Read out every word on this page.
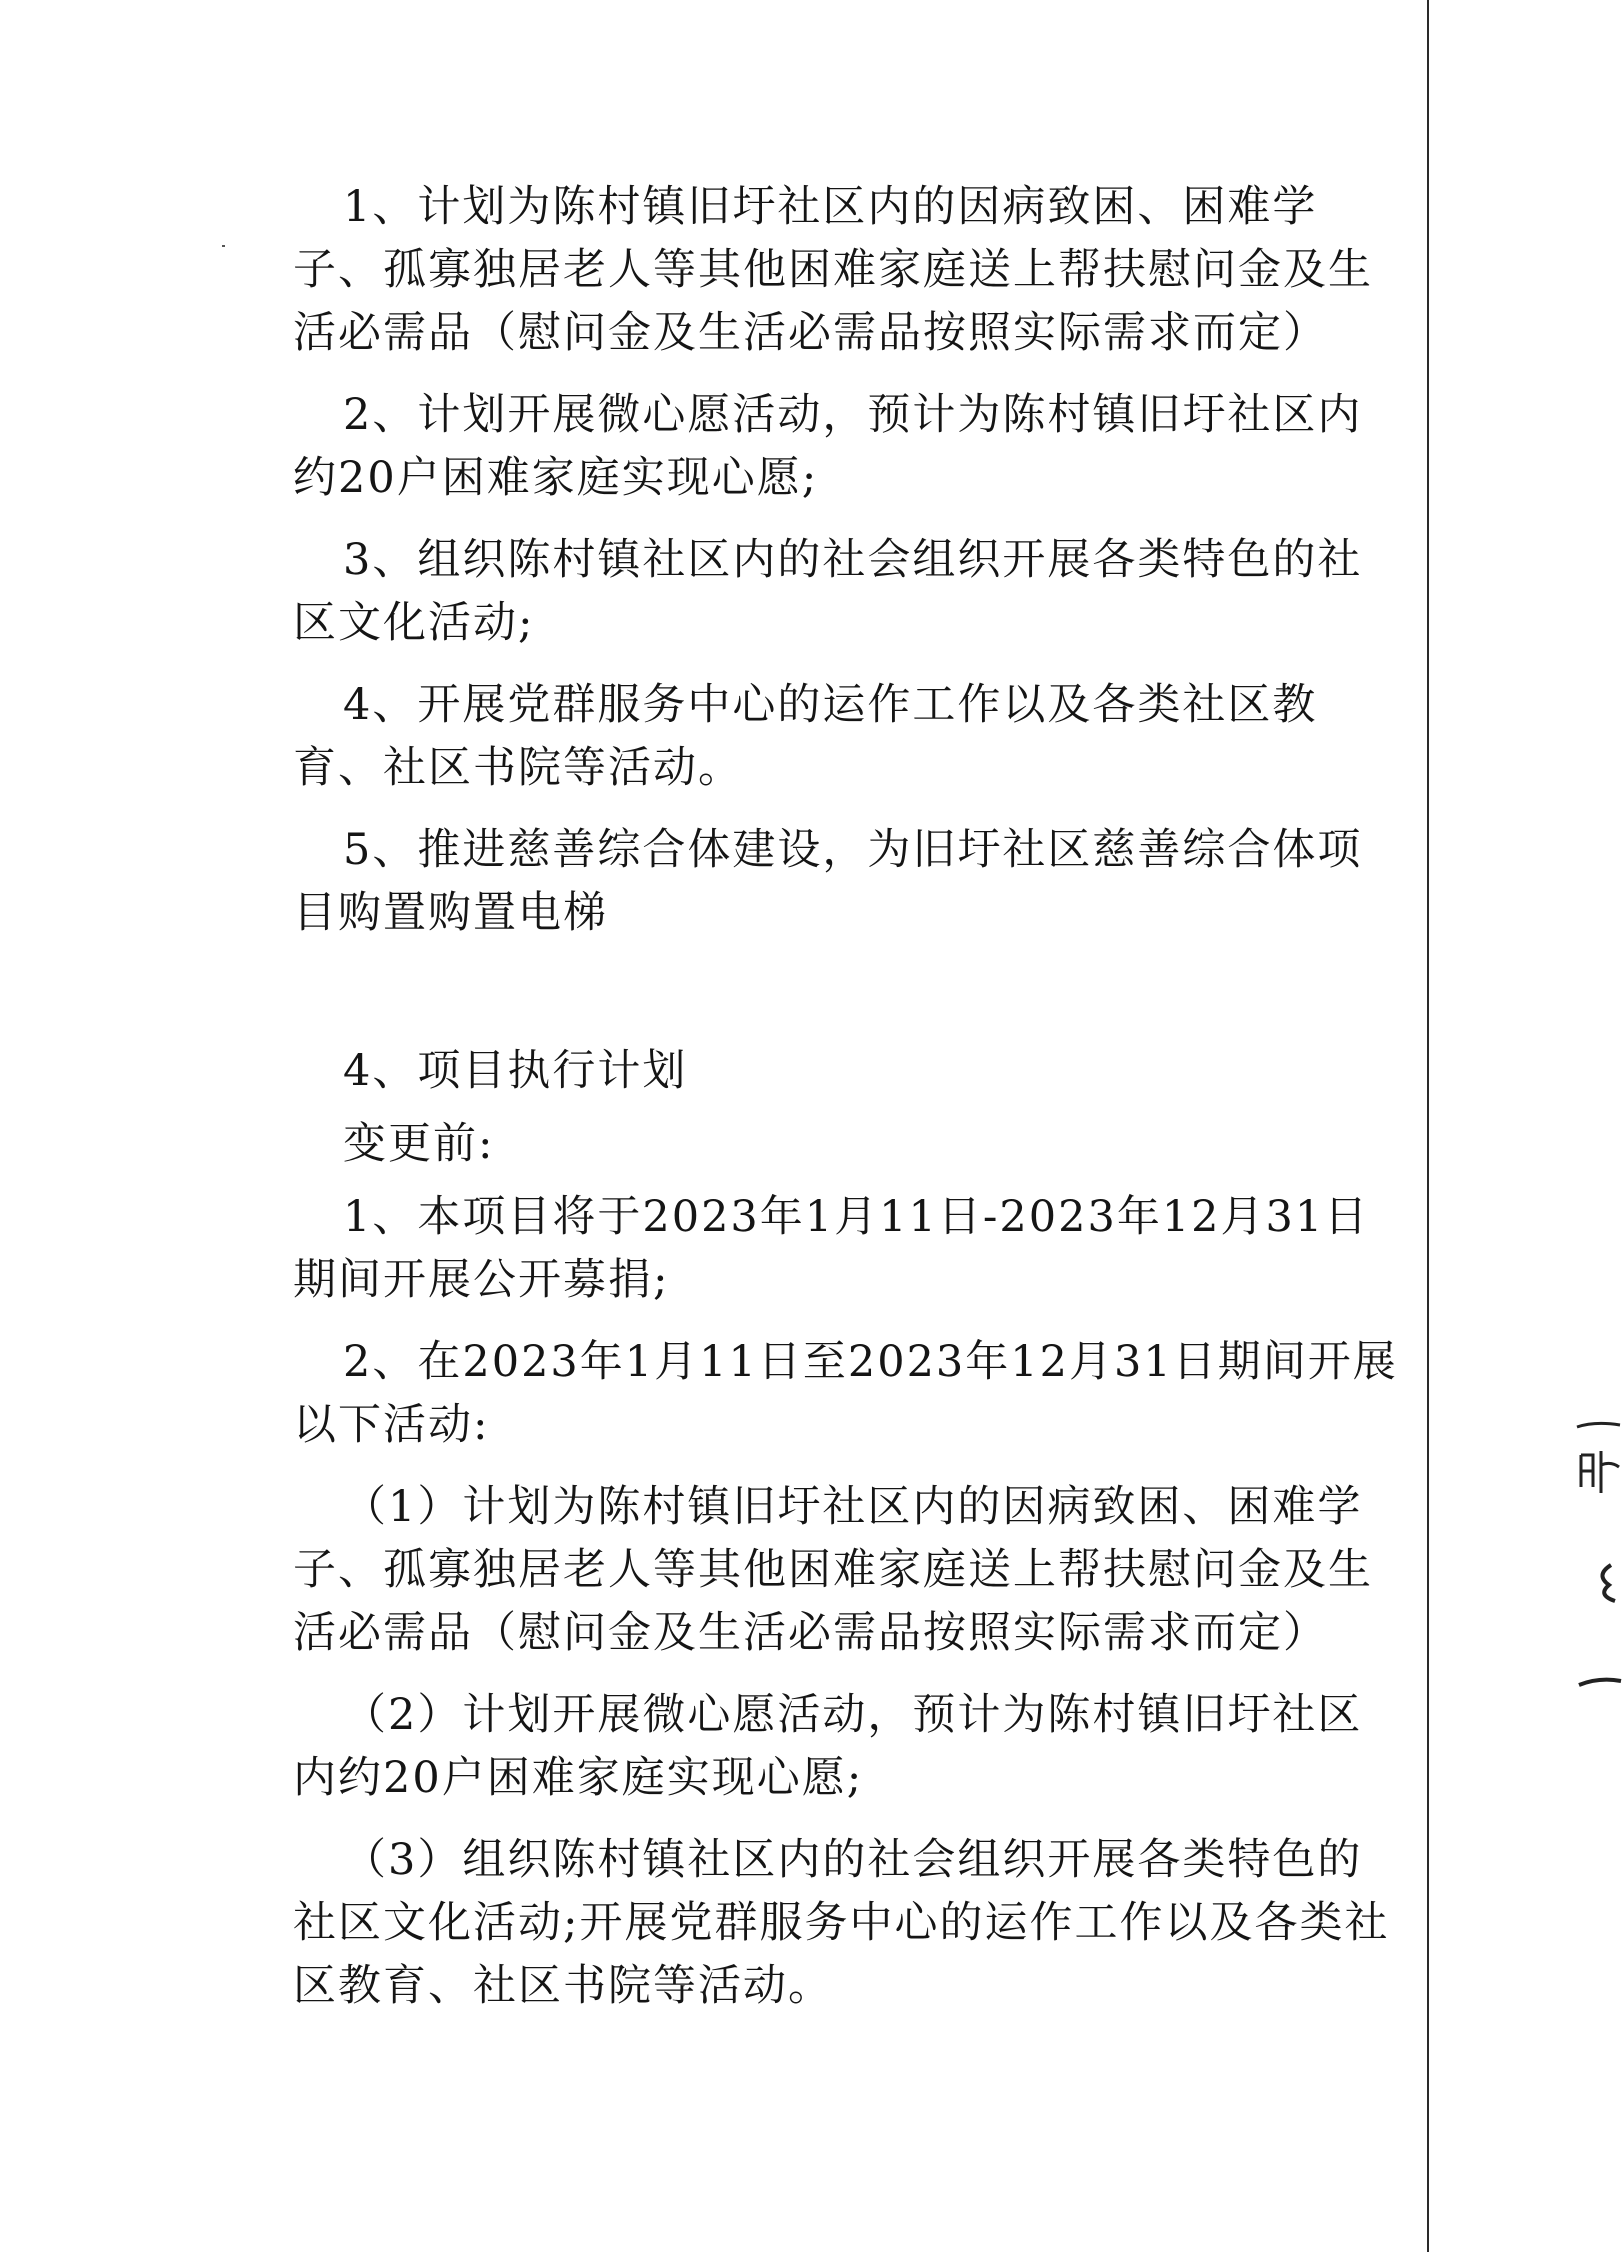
1、计划为陈村镇旧圩社区内的因病致困、困难学子、孤寡独居老人等其他困难家庭送上帮扶慰问金及生活必需品（慰问金及生活必需品按照实际需求而定）

2、计划开展微心愿活动，预计为陈村镇旧圩社区内约20户困难家庭实现心愿;

3、组织陈村镇社区内的社会组织开展各类特色的社区文化活动;

4、开展党群服务中心的运作工作以及各类社区教育、社区书院等活动。

5、推进慈善综合体建设，为旧圩社区慈善综合体项目购置购置电梯

4、项目执行计划

变更前:

1、本项目将于2023年1月11日-2023年12月31日期间开展公开募捐;

2、在2023年1月11日至2023年12月31日期间开展以下活动:

（1）计划为陈村镇旧圩社区内的因病致困、困难学子、孤寡独居老人等其他困难家庭送上帮扶慰问金及生活必需品（慰问金及生活必需品按照实际需求而定）

（2）计划开展微心愿活动，预计为陈村镇旧圩社区内约20户困难家庭实现心愿;

（3）组织陈村镇社区内的社会组织开展各类特色的社区文化活动;开展党群服务中心的运作工作以及各类社区教育、社区书院等活动。
